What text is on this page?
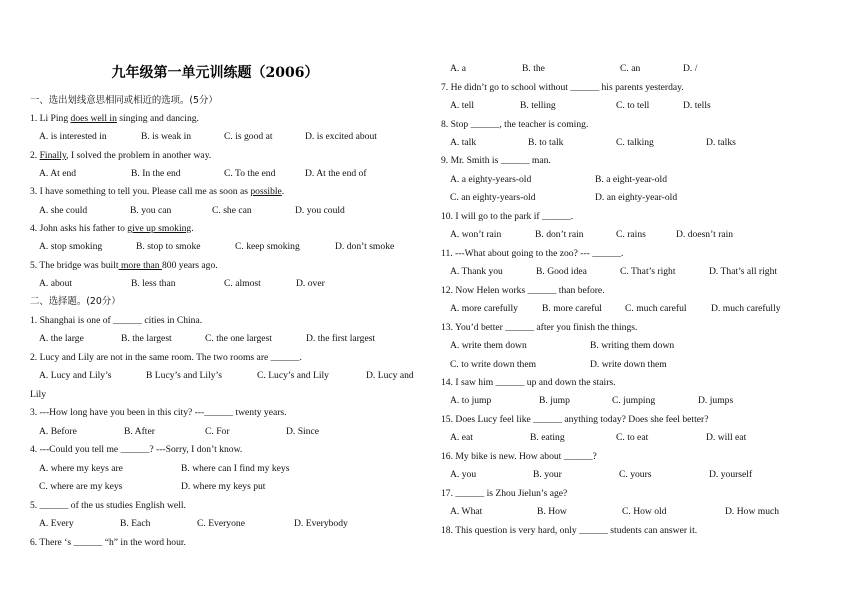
九年级第一单元训练题（2006）
一、选出划线意思相同或相近的选项。(5分）
1. Li Ping does well in singing and dancing.
A. is interested in	B. is weak in	C. is good at	D. is excited about
2. Finally, I solved the problem in another way.
A. At end	B. In the end	C. To the end	D. At the end of
3. I have something to tell you. Please call me as soon as possible.
A. she could	B. you can	C. she can	D. you could
4. John asks his father to give up smoking.
A. stop smoking	B. stop to smoke	C. keep smoking	D. don’t smoke
5. The bridge was built more than 800 years ago.
A. about	B. less than	C. almost	D. over
二、选择题。(20分）
1. Shanghai is one of ______ cities in China.
A. the large	B. the largest	C. the one largest	D. the first largest
2. Lucy and Lily are not in the same room. The two rooms are ______.
A. Lucy and Lily’s	B Lucy’s and Lily’s	C. Lucy’s and Lily	D. Lucy and
Lily
3. ---How long have you been in this city? ---______ twenty years.
A. Before	B. After	C. For	D. Since
4. ---Could you tell me ______? ---Sorry, I don’t know.
A. where my keys are	B. where can I find my keys
C. where are my keys	D. where my keys put
5. ______ of the us studies English well.
A. Every	B. Each	C. Everyone	D. Everybody
6. There ‘s ______ “h” in the word hour.
A. a	B. the	C. an	D. /
7. He didn’t go to school without ______ his parents yesterday.
A. tell	B. telling	C. to tell	D. tells
8. Stop ______, the teacher is coming.
A. talk	B. to talk	C. talking	D. talks
9. Mr. Smith is ______ man.
A. a eighty-years-old	B. a eight-year-old
C. an eighty-years-old	D. an eighty-year-old
10. I will go to the park if ______.
A. won’t rain	B. don’t rain	C. rains	D. doesn’t rain
11. ---What about going to the zoo? --- ______.
A. Thank you	B. Good idea	C. That’s right	D. That’s all right
12. Now Helen works ______ than before.
A. more carefully	B. more careful C. much careful	D. much carefully
13. You’d better ______ after you finish the things.
A. write them down	B. writing them down
C. to write down them	D. write down them
14. I saw him ______ up and down the stairs.
A. to jump	B. jump	C. jumping	D. jumps
15. Does Lucy feel like ______ anything today? Does she feel better?
A. eat	B. eating	C. to eat	D. will eat
16. My bike is new. How about ______?
A. you	B. your	C. yours	D. yourself
17. ______ is Zhou Jielun’s age?
A. What	B. How	C. How old	D. How much
18. This question is very hard, only ______ students can answer it.
